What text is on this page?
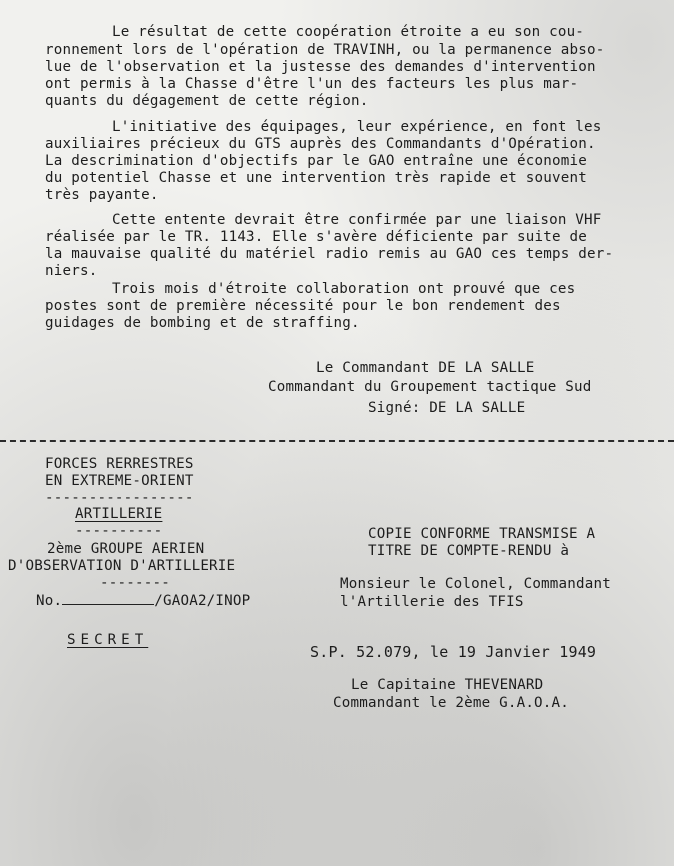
Le résultat de cette coopération étroite a eu son cou-
ronnement lors de l'opération de TRAVINH, ou la permanence abso-
lue de l'observation et la justesse des demandes d'intervention
ont permis à la Chasse d'être l'un des facteurs les plus mar-
quants du dégagement de cette région.
L'initiative des équipages, leur expérience, en font les
auxiliaires précieux du GTS auprès des Commandants d'Opération.
La descrimination d'objectifs par le GAO entraîne une économie
du potentiel Chasse et une intervention très rapide et souvent
très payante.
Cette entente devrait être confirmée par une liaison VHF
réalisée par le TR. 1143. Elle s'avère déficiente par suite de
la mauvaise qualité du matériel radio remis au GAO ces temps der-
niers.
Trois mois d'étroite collaboration ont prouvé que ces
postes sont de première nécessité pour le bon rendement des
guidages de bombing et de straffing.
Le Commandant DE LA SALLE
Commandant du Groupement tactique Sud
Signé: DE LA SALLE
FORCES RERRESTRES
EN EXTREME-ORIENT
-----------------
ARTILLERIE
----------
2ème GROUPE AERIEN
D'OBSERVATION D'ARTILLERIE
--------
No.	/GAOA2/INOP
SECRET
COPIE CONFORME TRANSMISE A
TITRE DE COMPTE-RENDU à
Monsieur le Colonel, Commandant
l'Artillerie des TFIS
S.P. 52.079, le 19 Janvier 1949
Le Capitaine THEVENARD
Commandant le 2ème G.A.O.A.
